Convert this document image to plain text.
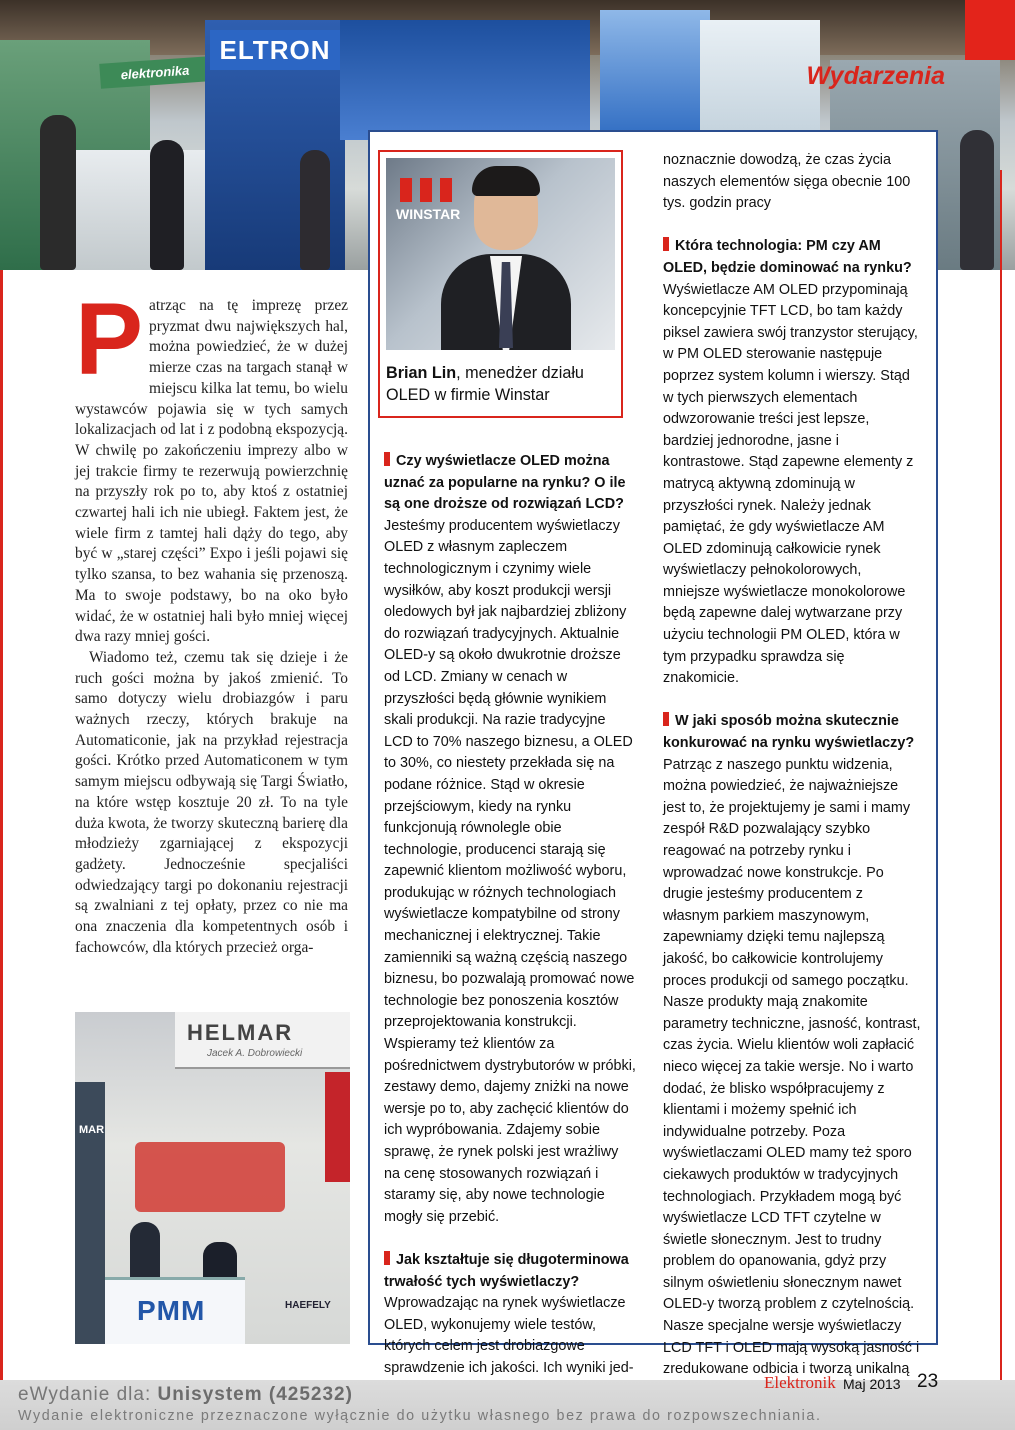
elektronika
ELTRON
Wydarzenia

Patrząc na tę imprezę przez pryzmat dwu największych hal, można powiedzieć, że w dużej mierze czas na targach stanął w miejscu kilka lat temu, bo wielu wystawców pojawia się w tych samych lokalizacjach od lat i z podobną ekspozycją. W chwilę po zakończeniu imprezy albo w jej trakcie firmy te rezerwują powierzchnię na przyszły rok po to, aby ktoś z ostatniej czwartej hali ich nie ubiegł. Faktem jest, że wiele firm z tamtej hali dąży do tego, aby być w „starej części” Expo i jeśli pojawi się tylko szansa, to bez wahania się przenoszą. Ma to swoje podstawy, bo na oko było widać, że w ostatniej hali było mniej więcej dwa razy mniej gości.

Wiadomo też, czemu tak się dzieje i że ruch gości można by jakoś zmienić. To samo dotyczy wielu drobiazgów i paru ważnych rzeczy, których brakuje na Automaticonie, jak na przykład rejestracja gości. Krótko przed Automaticonem w tym samym miejscu odbywają się Targi Światło, na które wstęp kosztuje 20 zł. To na tyle duża kwota, że tworzy skuteczną barierę dla młodzieży zgarniającej z ekspozycji gadżety. Jednocześnie specjaliści odwiedzający targi po dokonaniu rejestracji są zwalniani z tej opłaty, przez co nie ma ona znaczenia dla kompetentnych osób i fachowców, dla których przecież orga-

HELMAR
Jacek A. Dobrowiecki
MAR
PMM	HAEFELY
WINSTAR
Brian Lin, menedżer działu OLED w firmie Winstar

Czy wyświetlacze OLED można uznać za popularne na rynku? O ile są one droższe od rozwiązań LCD?

Jesteśmy producentem wyświetlaczy OLED z własnym zapleczem technologicznym i czynimy wiele wysiłków, aby koszt produkcji wersji oledowych był jak najbardziej zbliżony do rozwiązań tradycyjnych. Aktualnie OLED-y są około dwukrotnie droższe od LCD. Zmiany w cenach w przyszłości będą głównie wynikiem skali produkcji. Na razie tradycyjne LCD to 70% naszego biznesu, a OLED to 30%, co niestety przekłada się na podane różnice. Stąd w okresie przejściowym, kiedy na rynku funkcjonują równolegle obie technologie, producenci starają się zapewnić klientom możliwość wyboru, produkując w różnych technologiach wyświetlacze kompatybilne od strony mechanicznej i elektrycznej. Takie zamienniki są ważną częścią naszego biznesu, bo pozwalają promować nowe technologie bez ponoszenia kosztów przeprojektowania konstrukcji. Wspieramy też klientów za pośrednictwem dystrybutorów w próbki, zestawy demo, dajemy zniżki na nowe wersje po to, aby zachęcić klientów do ich wypróbowania. Zdajemy sobie sprawę, że rynek polski jest wrażliwy na cenę stosowanych rozwiązań i staramy się, aby nowe technologie mogły się przebić.

Jak kształtuje się długoterminowa trwałość tych wyświetlaczy?

Wprowadzając na rynek wyświetlacze OLED, wykonujemy wiele testów, których celem jest drobiazgowe sprawdzenie ich jakości. Ich wyniki jed-

noznacznie dowodzą, że czas życia naszych elementów sięga obecnie 100 tys. godzin pracy

Która technologia: PM czy AM OLED, będzie dominować na rynku?

Wyświetlacze AM OLED przypominają koncepcyjnie TFT LCD, bo tam każdy piksel zawiera swój tranzystor sterujący, w PM OLED sterowanie następuje poprzez system kolumn i wierszy. Stąd w tych pierwszych elementach odwzorowanie treści jest lepsze, bardziej jednorodne, jasne i kontrastowe. Stąd zapewne elementy z matrycą aktywną zdominują w przyszłości rynek. Należy jednak pamiętać, że gdy wyświetlacze AM OLED zdominują całkowicie rynek wyświetlaczy pełnokolorowych, mniejsze wyświetlacze monokolorowe będą zapewne dalej wytwarzane przy użyciu technologii PM OLED, która w tym przypadku sprawdza się znakomicie.

W jaki sposób można skutecznie konkurować na rynku wyświetlaczy?

Patrząc z naszego punktu widzenia, można powiedzieć, że najważniejsze jest to, że projektujemy je sami i mamy zespół R&D pozwalający szybko reagować na potrzeby rynku i wprowadzać nowe konstrukcje. Po drugie jesteśmy producentem z własnym parkiem maszynowym, zapewniamy dzięki temu najlepszą jakość, bo całkowicie kontrolujemy proces produkcji od samego początku. Nasze produkty mają znakomite parametry techniczne, jasność, kontrast, czas życia. Wielu klientów woli zapłacić nieco więcej za takie wersje. No i warto dodać, że blisko współpracujemy z klientami i możemy spełnić ich indywidualne potrzeby. Poza wyświetlaczami OLED mamy też sporo ciekawych produktów w tradycyjnych technologiach. Przykładem mogą być wyświetlacze LCD TFT czytelne w świetle słonecznym. Jest to trudny problem do opanowania, gdyż przy silnym oświetleniu słonecznym nawet OLED-y tworzą problem z czytelnością. Nasze specjalne wersje wyświetlaczy LCD TFT i OLED mają wysoką jasność i zredukowane odbicia i tworzą unikalną

eWydanie dla: Unisystem (425232)
Wydanie elektroniczne przeznaczone wyłącznie do użytku własnego bez prawa do rozpowszechniania.
Elektronik Maj 2013 23
